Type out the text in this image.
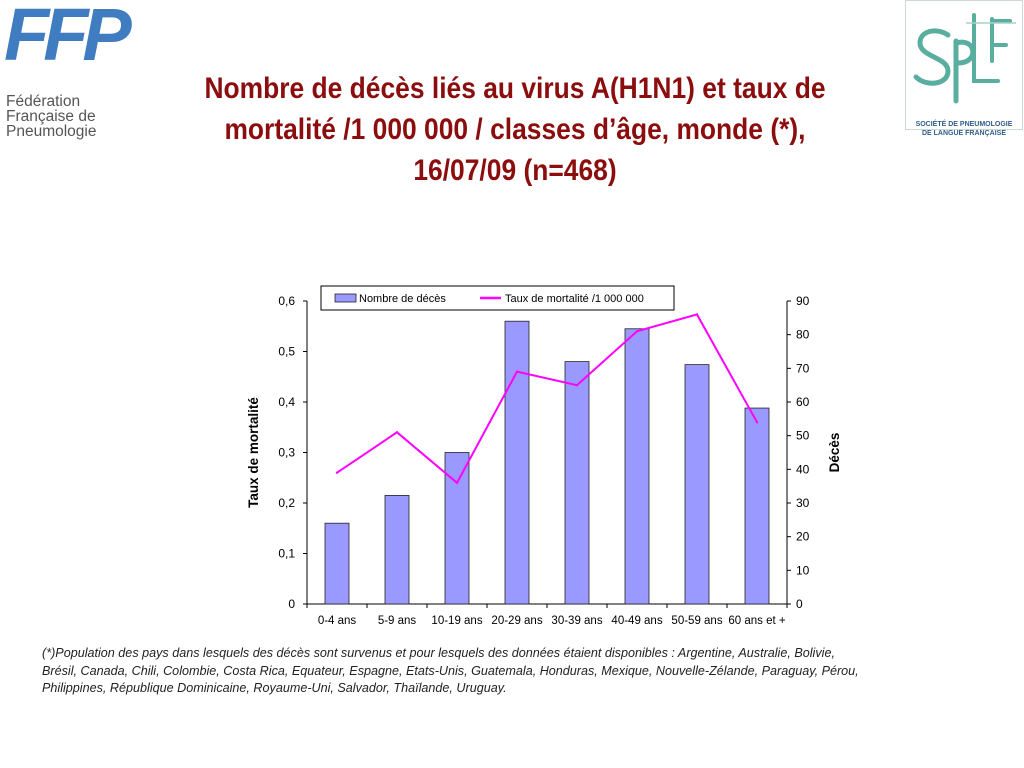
FFP
Fédération
Française de
Pneumologie
Nombre de décès liés au virus A(H1N1) et taux de
mortalité /1 000 000 / classes d’âge, monde (*),
16/07/09 (n=468)
SOCIÉTÉ DE PNEUMOLOGIE
DE LANGUE FRANÇAISE
0
0,1
0,2
0,3
0,4
0,5
0,6
0
10
20
30
40
50
60
70
80
90
0-4 ans 5-9 ans 10-19 ans 20-29 ans 30-39 ans 40-49 ans 50-59 ans 60 ans et +
Taux de mortalité	Décès
Nombre de décès	Taux de mortalité /1 000 000
(*)Population des pays dans lesquels des décès sont survenus et pour lesquels des données étaient disponibles : Argentine, Australie, Bolivie,
Brésil, Canada, Chili, Colombie, Costa Rica, Equateur, Espagne, Etats-Unis, Guatemala, Honduras, Mexique, Nouvelle-Zélande, Paraguay, Pérou,
Philippines, République Dominicaine, Royaume-Uni, Salvador, Thaïlande, Uruguay.
